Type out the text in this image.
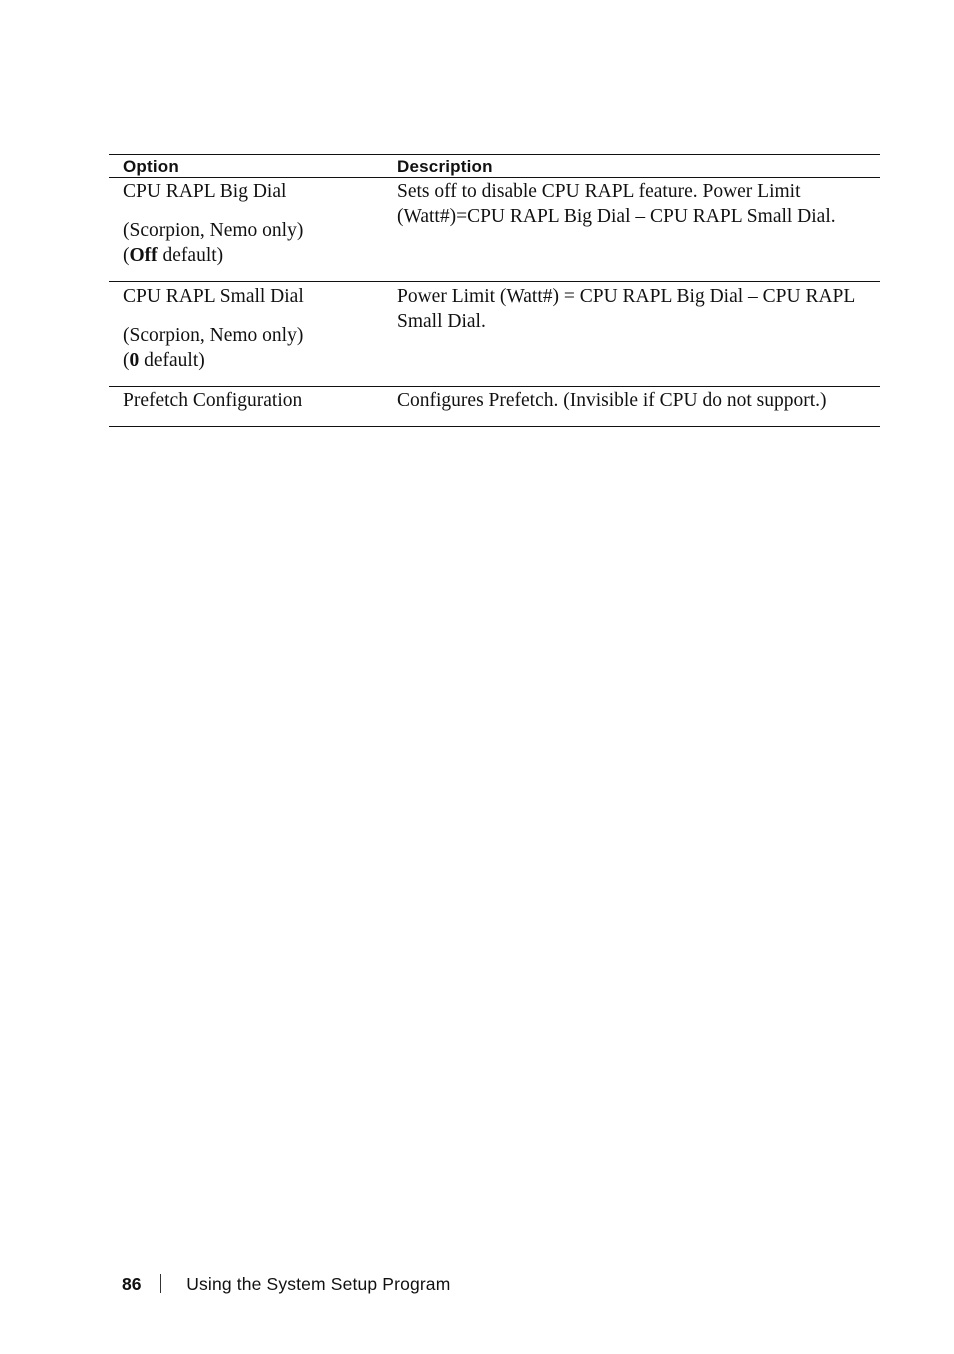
Option	Description

CPU RAPL Big Dial
(Scorpion, Nemo only)
(Off default)	Sets off to disable CPU RAPL feature. Power Limit (Watt#)=CPU RAPL Big Dial – CPU RAPL Small Dial.

CPU RAPL Small Dial
(Scorpion, Nemo only)
(0 default)	Power Limit (Watt#) = CPU RAPL Big Dial – CPU RAPL Small Dial.
Prefetch Configuration	Configures Prefetch. (Invisible if CPU do not support.)
86	Using the System Setup Program
